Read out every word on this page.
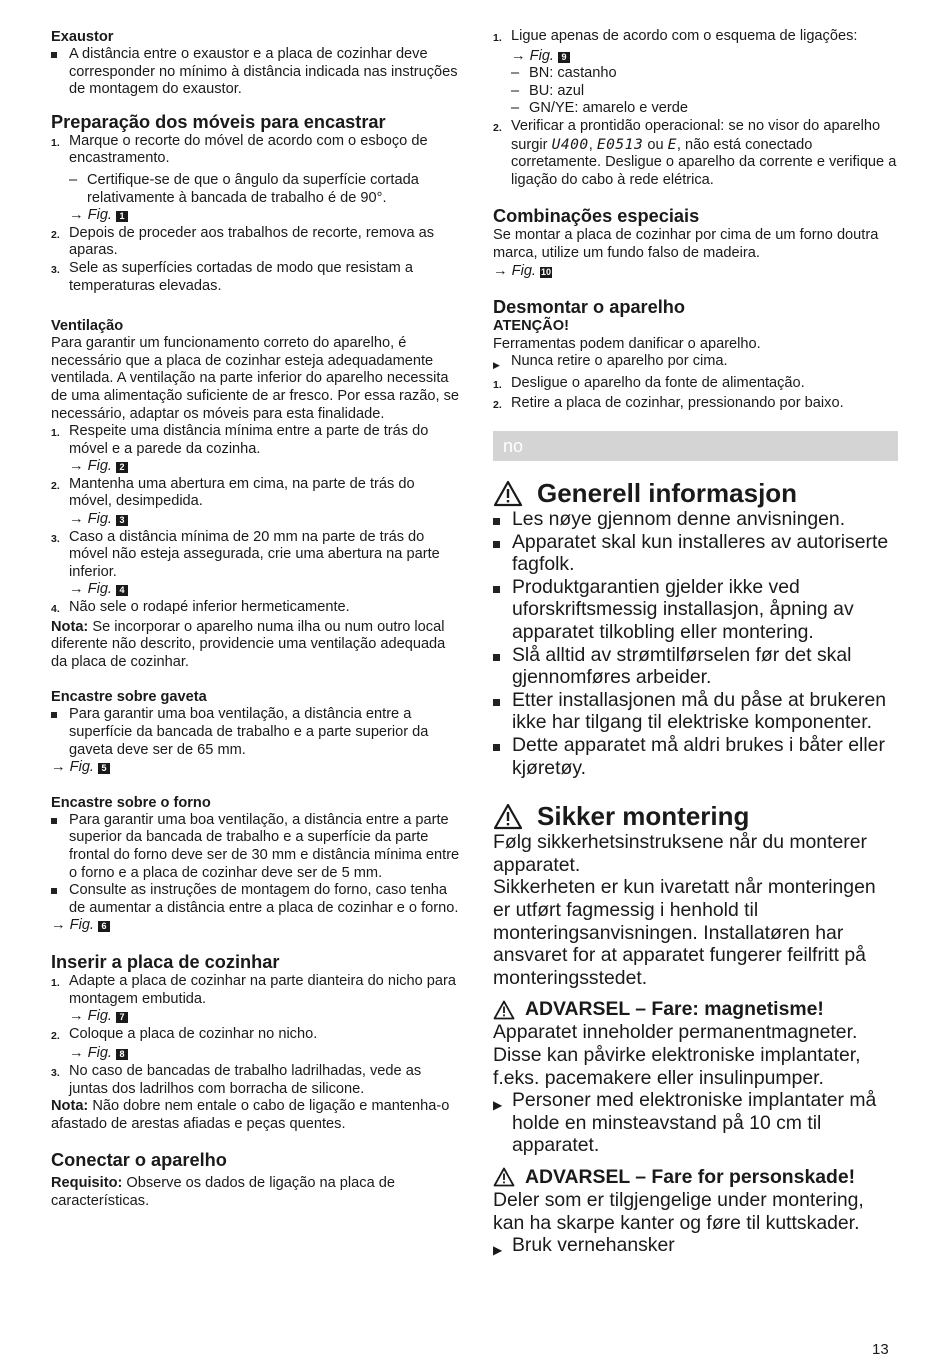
Exaustor
A distância entre o exaustor e a placa de cozinhar deve corresponder no mínimo à distância indicada nas instruções de montagem do exaustor.
Preparação dos móveis para encastrar
1. Marque o recorte do móvel de acordo com o esboço de encastramento.
– Certifique-se de que o ângulo da superfície cortada relativamente à bancada de trabalho é de 90°.
→ Fig. 1
2. Depois de proceder aos trabalhos de recorte, remova as aparas.
3. Sele as superfícies cortadas de modo que resistam a temperaturas elevadas.
Ventilação

Para garantir um funcionamento correto do aparelho, é necessário que a placa de cozinhar esteja adequadamente ventilada. A ventilação na parte inferior do aparelho necessita de uma alimentação suficiente de ar fresco. Por essa razão, se necessário, adaptar os móveis para esta finalidade.

1. Respeite uma distância mínima entre a parte de trás do móvel e a parede da cozinha.
→ Fig. 2
2. Mantenha uma abertura em cima, na parte de trás do móvel, desimpedida.
→ Fig. 3
3. Caso a distância mínima de 20 mm na parte de trás do móvel não esteja assegurada, crie uma abertura na parte inferior.
→ Fig. 4
4. Não sele o rodapé inferior hermeticamente.

Nota: Se incorporar o aparelho numa ilha ou num outro local diferente não descrito, providencie uma ventilação adequada da placa de cozinhar.

Encastre sobre gaveta
Para garantir uma boa ventilação, a distância entre a superfície da bancada de trabalho e a parte superior da gaveta deve ser de 65 mm.
→ Fig. 5
Encastre sobre o forno
Para garantir uma boa ventilação, a distância entre a parte superior da bancada de trabalho e a superfície da parte frontal do forno deve ser de 30 mm e distância mínima entre o forno e a placa de cozinhar deve ser de 5 mm.
Consulte as instruções de montagem do forno, caso tenha de aumentar a distância entre a placa de cozinhar e o forno.
→ Fig. 6
Inserir a placa de cozinhar
1. Adapte a placa de cozinhar na parte dianteira do nicho para montagem embutida.
→ Fig. 7
2. Coloque a placa de cozinhar no nicho.
→ Fig. 8
3. No caso de bancadas de trabalho ladrilhadas, vede as juntas dos ladrilhos com borracha de silicone.

Nota: Não dobre nem entale o cabo de ligação e mantenha-o afastado de arestas afiadas e peças quentes.

Conectar o aparelho

Requisito: Observe os dados de ligação na placa de características.

1. Ligue apenas de acordo com o esquema de ligações:
→ Fig. 9
– BN: castanho
– BU: azul
– GN/YE: amarelo e verde
2. Verificar a prontidão operacional: se no visor do aparelho surgir U400, E0513 ou E, não está conectado corretamente. Desligue o aparelho da corrente e verifique a ligação do cabo à rede elétrica.
Combinações especiais

Se montar a placa de cozinhar por cima de um forno doutra marca, utilize um fundo falso de madeira.

→ Fig. 10
Desmontar o aparelho

ATENÇÃO!

Ferramentas podem danificar o aparelho.

▶ Nunca retire o aparelho por cima.
1. Desligue o aparelho da fonte de alimentação.
2. Retire a placa de cozinhar, pressionando por baixo.
no
Generell informasjon
Les nøye gjennom denne anvisningen.
Apparatet skal kun installeres av autoriserte fagfolk.
Produktgarantien gjelder ikke ved uforskriftsmessig installasjon, åpning av apparatet tilkobling eller montering.
Slå alltid av strømtilførselen før det skal gjennomføres arbeider.
Etter installasjonen må du påse at brukeren ikke har tilgang til elektriske komponenter.
Dette apparatet må aldri brukes i båter eller kjøretøy.
Sikker montering

Følg sikkerhetsinstruksene når du monterer apparatet.

Sikkerheten er kun ivaretatt når monteringen er utført fagmessig i henhold til monteringsanvisningen. Installatøren har ansvaret for at apparatet fungerer feilfritt på monteringsstedet.

ADVARSEL – Fare: magnetisme!

Apparatet inneholder permanentmagneter. Disse kan påvirke elektroniske implantater, f.eks. pacemakere eller insulinpumper.

▶ Personer med elektroniske implantater må holde en minsteavstand på 10 cm til apparatet.
ADVARSEL – Fare for personskade!

Deler som er tilgjengelige under montering, kan ha skarpe kanter og føre til kuttskader.

▶ Bruk vernehansker
13
